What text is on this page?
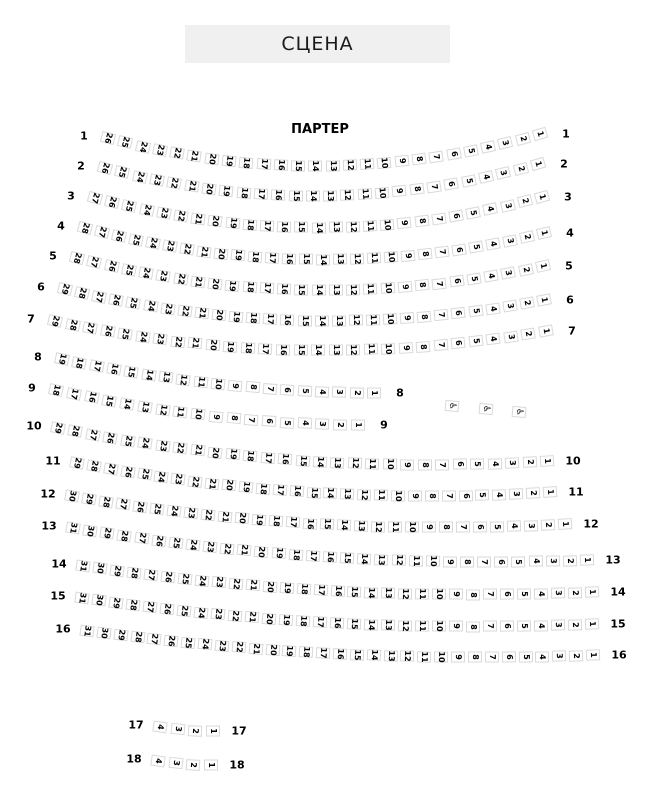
СЦЕНА
ПАРТЕР
1	1
26 25 24 23 22 21 20 19 18 17 16 15	14	13 12 11 10 9 8 7 6 5 4
3
2
1
2	2
26 25 24 23 22 21 20 19 18 17 16 15	14	13 12 11 10 9 8 7 6 5 4
3
2
1
3	3
27 26 25 24 23 22 21 20 19 18 17 16 15	14	13 12 11 10 9 8 7 6 5 4
3
2
1
4
4
28 27 26 25 24 23 22 21 20 19 18 17 16 15 14 13 12 11 10 9 8 7 6 5 4 3 2
1
5
5
28 27 26 25 24 23 22 21 20 19 18 17 16 15	14	13	12 11 10 9 8 7 6 5 4 3 2 1
6
6
29 28 27 26 25 24 23 22 21 20 19 18 17 16 15 14	13 12 11 10 9 8 7 6 5 4 3 2 1
7
7
29 28 27 26 25 24 23 22 21 20 19 18 17	16	15	14	13	12	11	10	9	8	7	6 5 4 3 2 1
8
8
19 18 17 16 15 14 13 12 11 10 9 8 7 6	5	4	3	2	1
9
9
18 17 16 15 14 13 12 11 10 9	8	7	6	5	4	3	2	1
10
10
29 28 27 26 25 24 23 22 21 20 19 18 17 16 15 14 13 12	11	10	9	8	7	6	5	4	3	2	1
11
11
29 28 27 26 25 24 23 22 21 20 19 18 17 16 15 14 13 12 11 10 9 8 7 6 5 4 3 2 1
12
12
30 29 28 27 26 25 24 23 22 21 20 19 18 17 16 15 14 13 12 11 10 9 8 7 6 5 4 3 2 1
13
13
31 30 29 28 27 26 25 24 23 22 21 20 19 18 17 16 15 14 13 12 11 10 9	8	7	6	5	4	3 2 1
14
14
31 30 29 28 27 26 25 24 23 22 21 20 19 18 17 16 15 14 13 12 11 10 9 8 7 6 5 4 3 2 1
15
15
31 30 29 28 27 26 25 24 23 22 21 20 19 18 17 16 15 14 13 12 11 10 9 8 7 6 5 4 3 2 1
16
16
31 30 29 28 27 26 25 24 23 22 21 20 19 18 17 16 15 14 13 12 11 10 9 8 7 6 5 4 3 2 1
17	17
4	3	2	1
18	18
4	3	2	1
♿	♿ ♿
